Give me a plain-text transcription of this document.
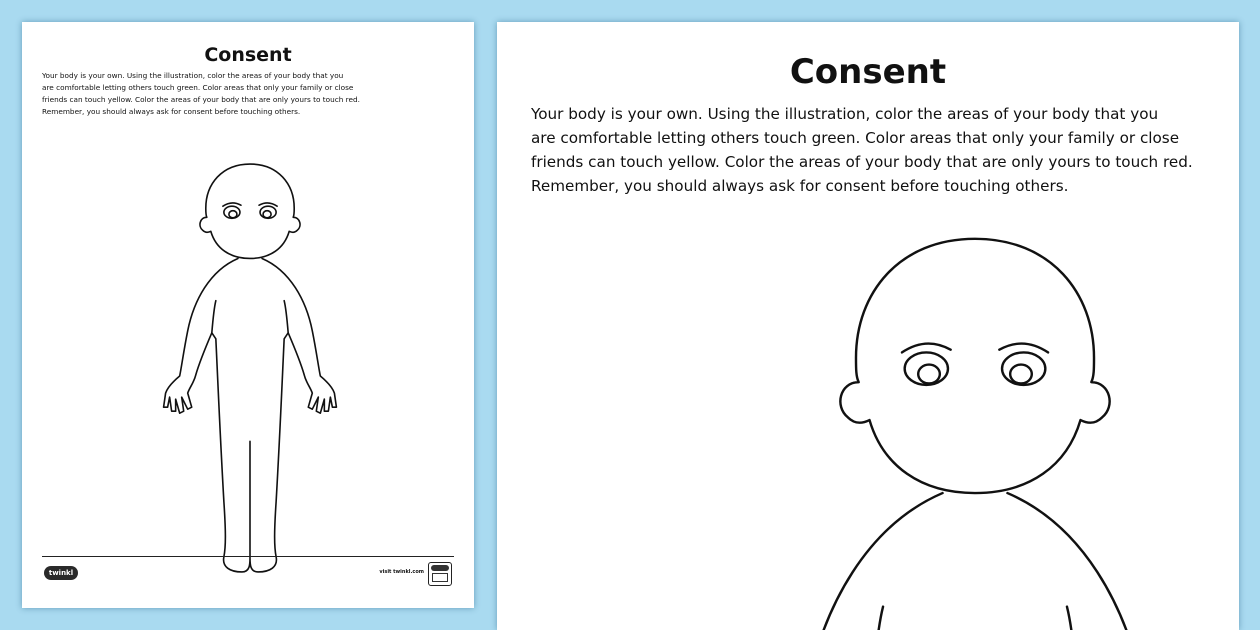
Consent

Your body is your own. Using the illustration, color the areas of your body that you
are comfortable letting others touch green. Color areas that only your family or close
friends can touch yellow. Color the areas of your body that are only yours to touch red.
Remember, you should always ask for consent before touching others.

twinkl	visit twinkl.com
Consent

Your body is your own. Using the illustration, color the areas of your body that you
are comfortable letting others touch green. Color areas that only your family or close
friends can touch yellow. Color the areas of your body that are only yours to touch red.
Remember, you should always ask for consent before touching others.
